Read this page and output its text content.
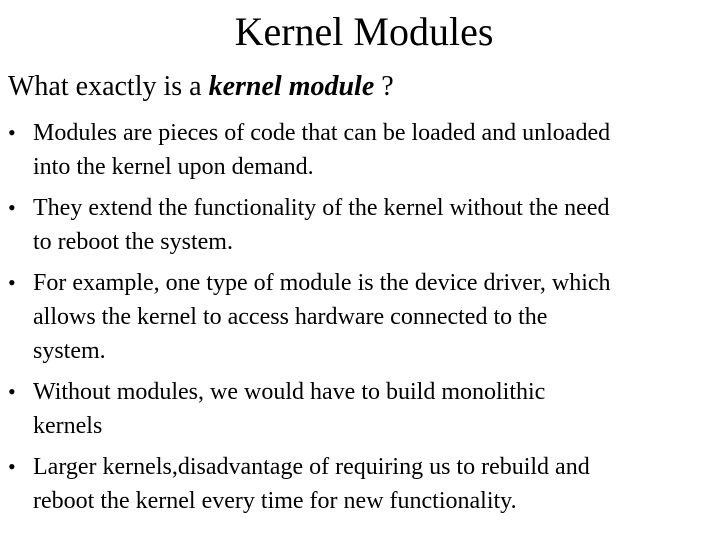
Kernel Modules
What exactly is a kernel module ?
• Modules are pieces of code that can be loaded and unloaded
into the kernel upon demand.
• They extend the functionality of the kernel without the need
to reboot the system.
• For example, one type of module is the device driver, which
allows the kernel to access hardware connected to the
system.
• Without modules, we would have to build monolithic
kernels
• Larger kernels,disadvantage of requiring us to rebuild and
reboot the kernel every time for new functionality.
